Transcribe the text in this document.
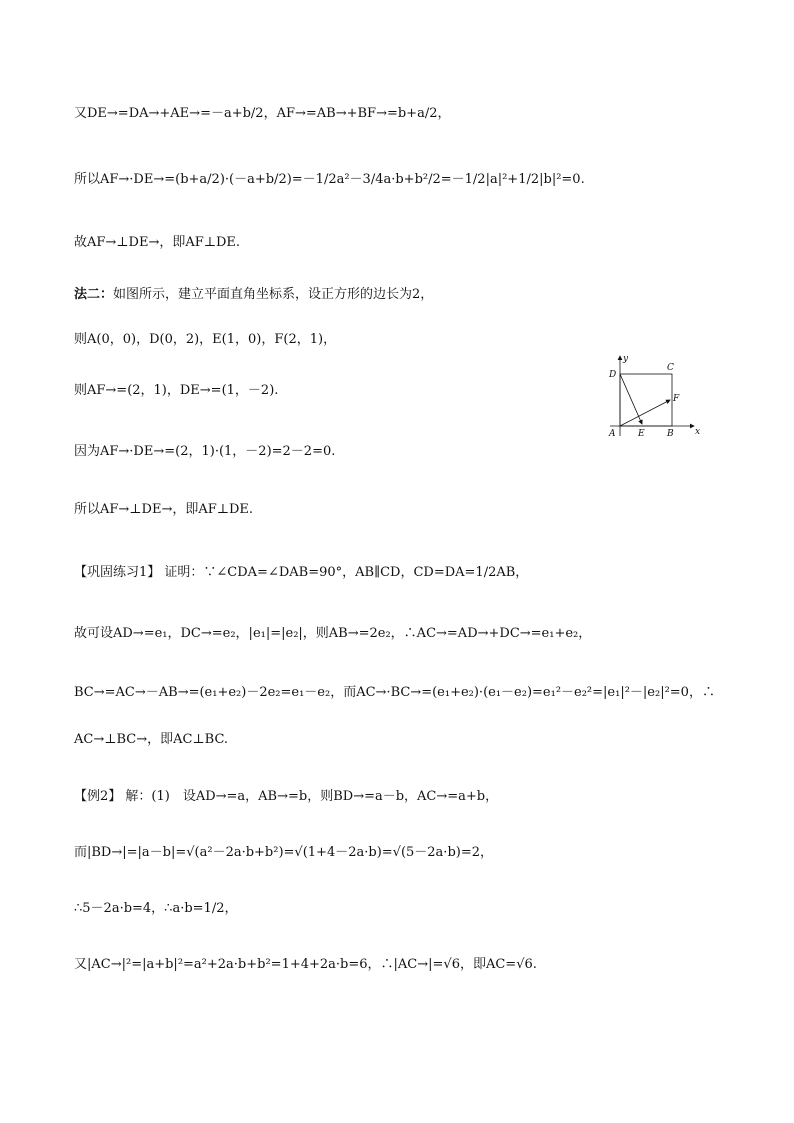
又DE→=DA→+AE→=－a+b/2，AF→=AB→+BF→=b+a/2，
所以AF→·DE→=(b+a/2)·(－a+b/2)=－1/2a²－3/4a·b+b²/2=－1/2|a|²+1/2|b|²=0.
故AF→⊥DE→，即AF⊥DE.
法二：如图所示，建立平面直角坐标系，设正方形的边长为2，
则A(0，0)，D(0，2)，E(1，0)，F(2，1)，
则AF→=(2，1)，DE→=(1，－2).
因为AF→·DE→=(2，1)·(1，－2)=2－2=0.
所以AF→⊥DE→，即AF⊥DE.
【巩固练习1】 证明：∵∠CDA=∠DAB=90°，AB∥CD，CD=DA=1/2AB，
故可设AD→=e₁，DC→=e₂，|e₁|=|e₂|，则AB→=2e₂，∴AC→=AD→+DC→=e₁+e₂，
BC→=AC→－AB→=(e₁+e₂)－2e₂=e₁－e₂，而AC→·BC→=(e₁+e₂)·(e₁－e₂)=e₁²－e₂²=|e₁|²－|e₂|²=0，∴
AC→⊥BC→，即AC⊥BC.
【例2】 解：(1)　设AD→=a，AB→=b，则BD→=a－b，AC→=a+b，
而|BD→|=|a－b|=√(a²－2a·b+b²)=√(1+4－2a·b)=√(5－2a·b)=2，
∴5－2a·b=4，∴a·b=1/2，
又|AC→|²=|a+b|²=a²+2a·b+b²=1+4+2a·b=6，∴|AC→|=√6，即AC=√6.
y
x
D
C
F
A	E B
